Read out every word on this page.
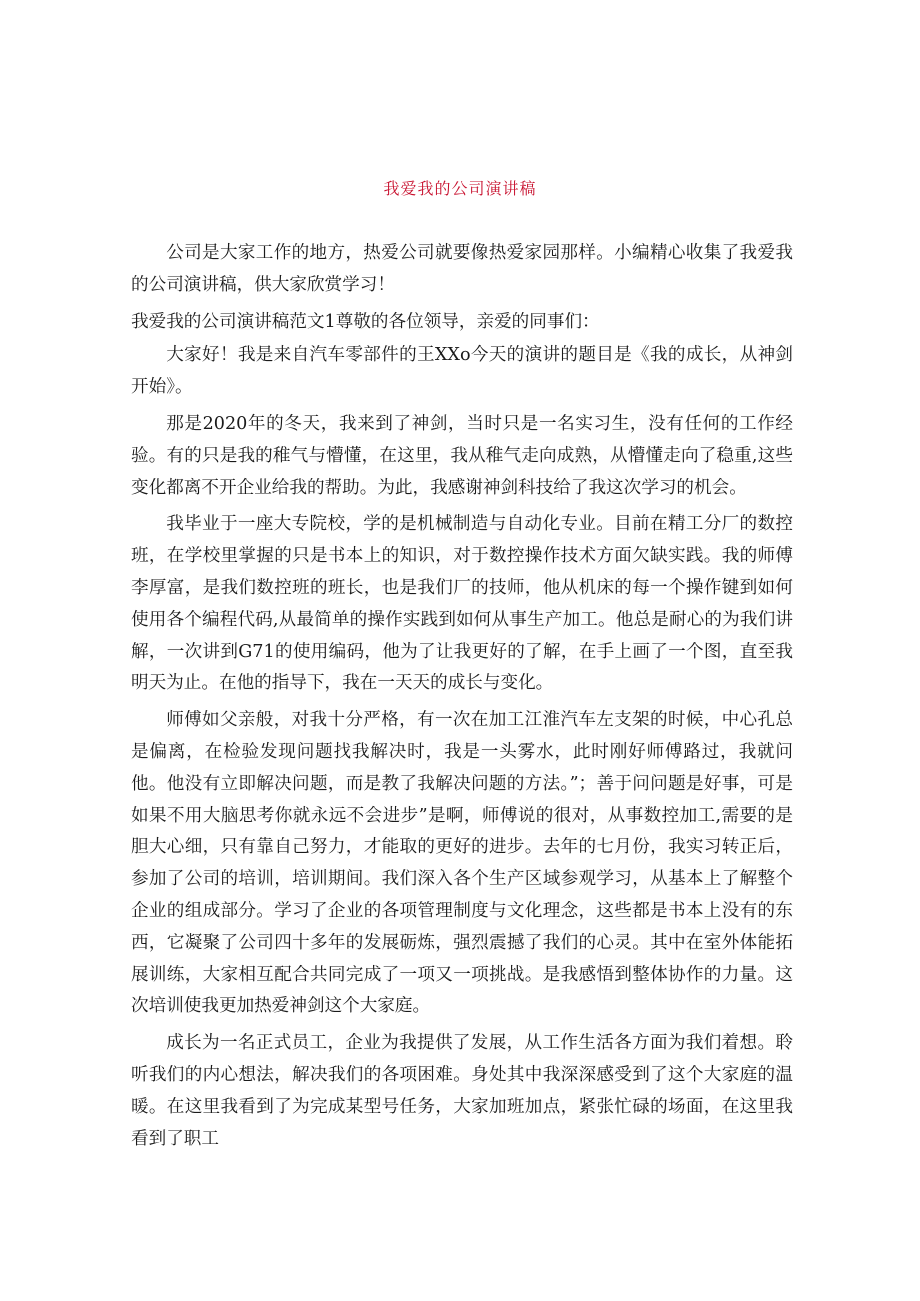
我爱我的公司演讲稿

公司是大家工作的地方，热爱公司就要像热爱家园那样。小编精心收集了我爱我的公司演讲稿，供大家欣赏学习！

我爱我的公司演讲稿范文1尊敬的各位领导，亲爱的同事们：

大家好！我是来自汽车零部件的王XXo今天的演讲的题目是《我的成长，从神剑开始》。

那是2020年的冬天，我来到了神剑，当时只是一名实习生，没有任何的工作经验。有的只是我的稚气与懵懂，在这里，我从稚气走向成熟，从懵懂走向了稳重,这些变化都离不开企业给我的帮助。为此，我感谢神剑科技给了我这次学习的机会。

我毕业于一座大专院校，学的是机械制造与自动化专业。目前在精工分厂的数控班，在学校里掌握的只是书本上的知识，对于数控操作技术方面欠缺实践。我的师傅李厚富，是我们数控班的班长，也是我们厂的技师，他从机床的每一个操作键到如何使用各个编程代码,从最简单的操作实践到如何从事生产加工。他总是耐心的为我们讲解，一次讲到G71的使用编码，他为了让我更好的了解，在手上画了一个图，直至我明天为止。在他的指导下，我在一天天的成长与变化。

师傅如父亲般，对我十分严格，有一次在加工江淮汽车左支架的时候，中心孔总是偏离，在检验发现问题找我解决时，我是一头雾水，此时刚好师傅路过，我就问他。他没有立即解决问题，而是教了我解决问题的方法。”；善于问问题是好事，可是如果不用大脑思考你就永远不会进步”是啊，师傅说的很对，从事数控加工,需要的是胆大心细，只有靠自己努力，才能取的更好的进步。去年的七月份，我实习转正后，参加了公司的培训，培训期间。我们深入各个生产区域参观学习，从基本上了解整个企业的组成部分。学习了企业的各项管理制度与文化理念，这些都是书本上没有的东西，它凝聚了公司四十多年的发展砺炼，强烈震撼了我们的心灵。其中在室外体能拓展训练，大家相互配合共同完成了一项又一项挑战。是我感悟到整体协作的力量。这次培训使我更加热爱神剑这个大家庭。

成长为一名正式员工，企业为我提供了发展，从工作生活各方面为我们着想。聆听我们的内心想法，解决我们的各项困难。身处其中我深深感受到了这个大家庭的温暖。在这里我看到了为完成某型号任务，大家加班加点，紧张忙碌的场面，在这里我看到了职工
